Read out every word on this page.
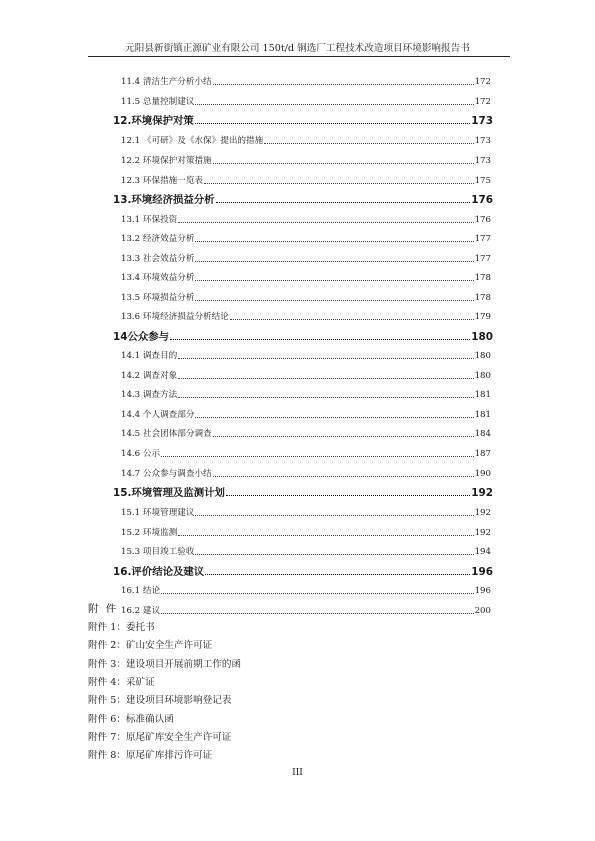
元阳县新街镇正源矿业有限公司 150t/d 铜选厂工程技术改造项目环境影响报告书
11.4 清洁生产分析小结	172
11.5 总量控制建议	172
12.环境保护对策	173
12.1 《可研》及《水保》提出的措施	173
12.2 环境保护对策措施	173
12.3 环保措施一览表	175
13.环境经济损益分析	176
13.1 环保投资	176
13.2 经济效益分析	177
13.3 社会效益分析	177
13.4 环境效益分析	178
13.5 环境损益分析	178
13.6 环境经济损益分析结论	179
14公众参与	180
14.1 调查目的	180
14.2 调查对象	180
14.3 调查方法	181
14.4 个人调查部分	181
14.5 社会团体部分调查	184
14.6 公示	187
14.7 公众参与调查小结	190
15.环境管理及监测计划	192
15.1 环境管理建议	192
15.2 环境监测	192
15.3 项目竣工验收	194
16.评价结论及建议	196
16.1 结论	196
16.2 建议	200
附 件
附件 1：委托书
附件 2：矿山安全生产许可证
附件 3：建设项目开展前期工作的函
附件 4：采矿证
附件 5：建设项目环境影响登记表
附件 6：标准确认函
附件 7：原尾矿库安全生产许可证
附件 8：原尾矿库排污许可证
III
